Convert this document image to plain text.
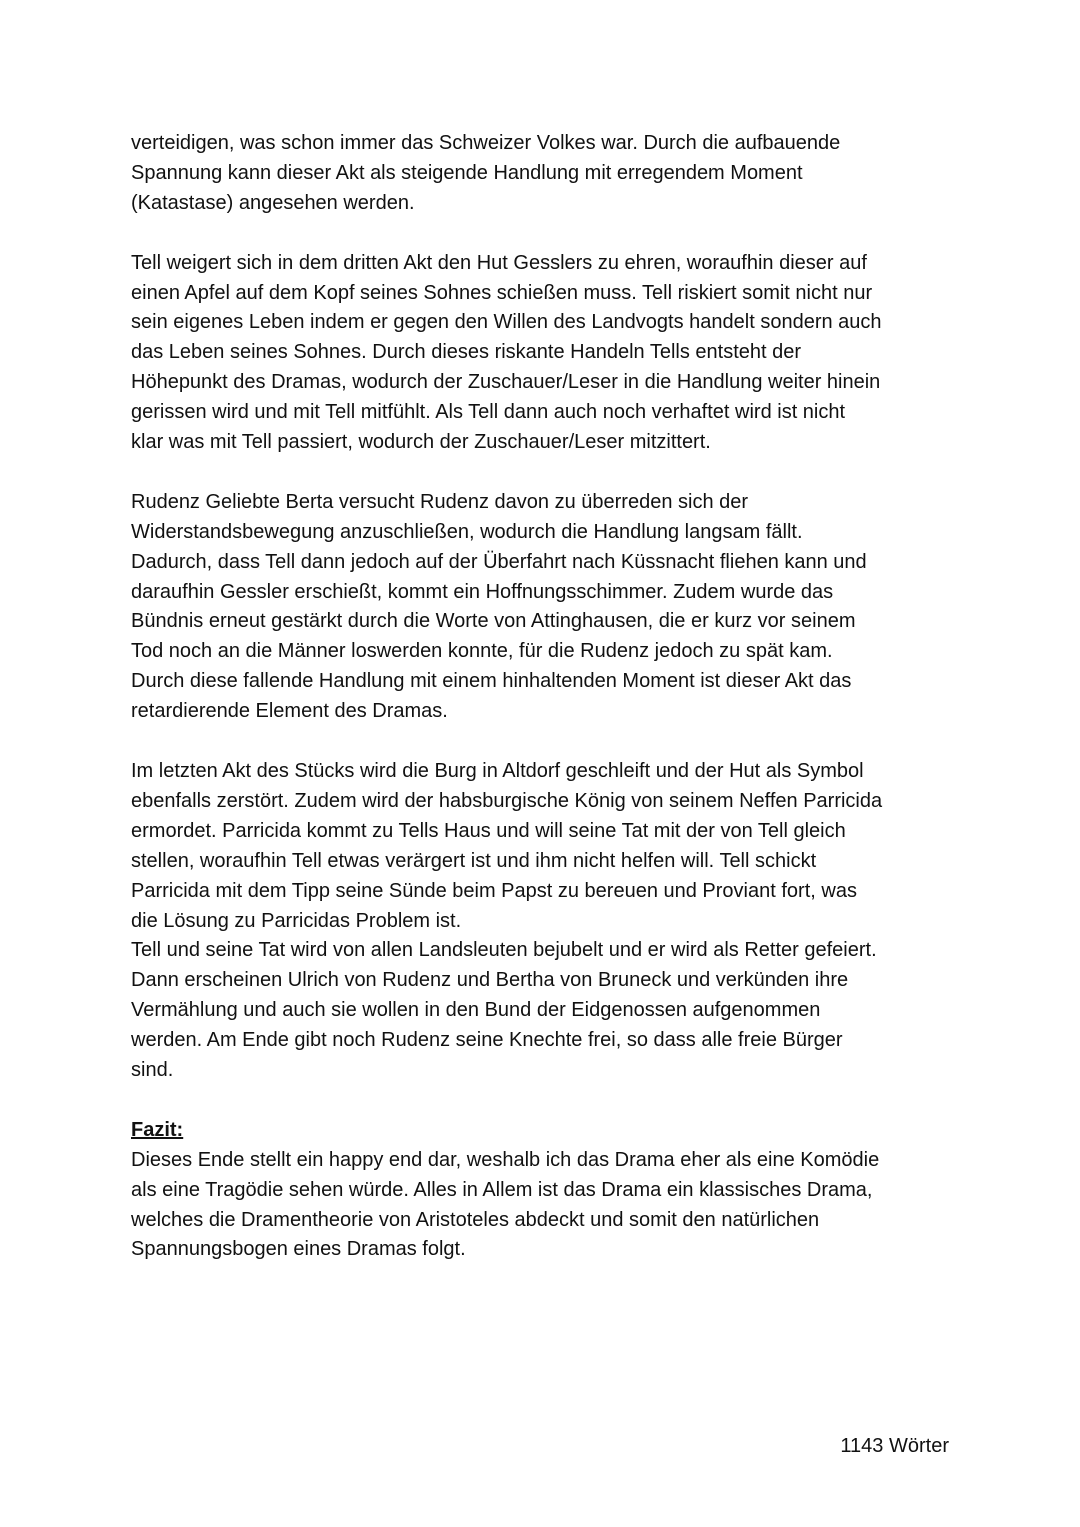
verteidigen, was schon immer das Schweizer Volkes war. Durch die aufbauende
Spannung kann dieser Akt als steigende Handlung mit erregendem Moment
(Katastase) angesehen werden.

Tell weigert sich in dem dritten Akt den Hut Gesslers zu ehren, woraufhin dieser auf
einen Apfel auf dem Kopf seines Sohnes schießen muss. Tell riskiert somit nicht nur
sein eigenes Leben indem er gegen den Willen des Landvogts handelt sondern auch
das Leben seines Sohnes. Durch dieses riskante Handeln Tells entsteht der
Höhepunkt des Dramas, wodurch der Zuschauer/Leser in die Handlung weiter hinein
gerissen wird und mit Tell mitfühlt. Als Tell dann auch noch verhaftet wird ist nicht
klar was mit Tell passiert, wodurch der Zuschauer/Leser mitzittert.

Rudenz Geliebte Berta versucht Rudenz davon zu überreden sich der
Widerstandsbewegung anzuschließen, wodurch die Handlung langsam fällt.
Dadurch, dass Tell dann jedoch auf der Überfahrt nach Küssnacht fliehen kann und
daraufhin Gessler erschießt, kommt ein Hoffnungsschimmer. Zudem wurde das
Bündnis erneut gestärkt durch die Worte von Attinghausen, die er kurz vor seinem
Tod noch an die Männer loswerden konnte, für die Rudenz jedoch zu spät kam.
Durch diese fallende Handlung mit einem hinhaltenden Moment ist dieser Akt das
retardierende Element des Dramas.

Im letzten Akt des Stücks wird die Burg in Altdorf geschleift und der Hut als Symbol
ebenfalls zerstört. Zudem wird der habsburgische König von seinem Neffen Parricida
ermordet. Parricida kommt zu Tells Haus und will seine Tat mit der von Tell gleich
stellen, woraufhin Tell etwas verärgert ist und ihm nicht helfen will. Tell schickt
Parricida mit dem Tipp seine Sünde beim Papst zu bereuen und Proviant fort, was
die Lösung zu Parricidas Problem ist.
Tell und seine Tat wird von allen Landsleuten bejubelt und er wird als Retter gefeiert.
Dann erscheinen Ulrich von Rudenz und Bertha von Bruneck und verkünden ihre
Vermählung und auch sie wollen in den Bund der Eidgenossen aufgenommen
werden. Am Ende gibt noch Rudenz seine Knechte frei, so dass alle freie Bürger
sind.

Fazit:
Dieses Ende stellt ein happy end dar, weshalb ich das Drama eher als eine Komödie
als eine Tragödie sehen würde. Alles in Allem ist das Drama ein klassisches Drama,
welches die Dramentheorie von Aristoteles abdeckt und somit den natürlichen
Spannungsbogen eines Dramas folgt.
1143 Wörter
